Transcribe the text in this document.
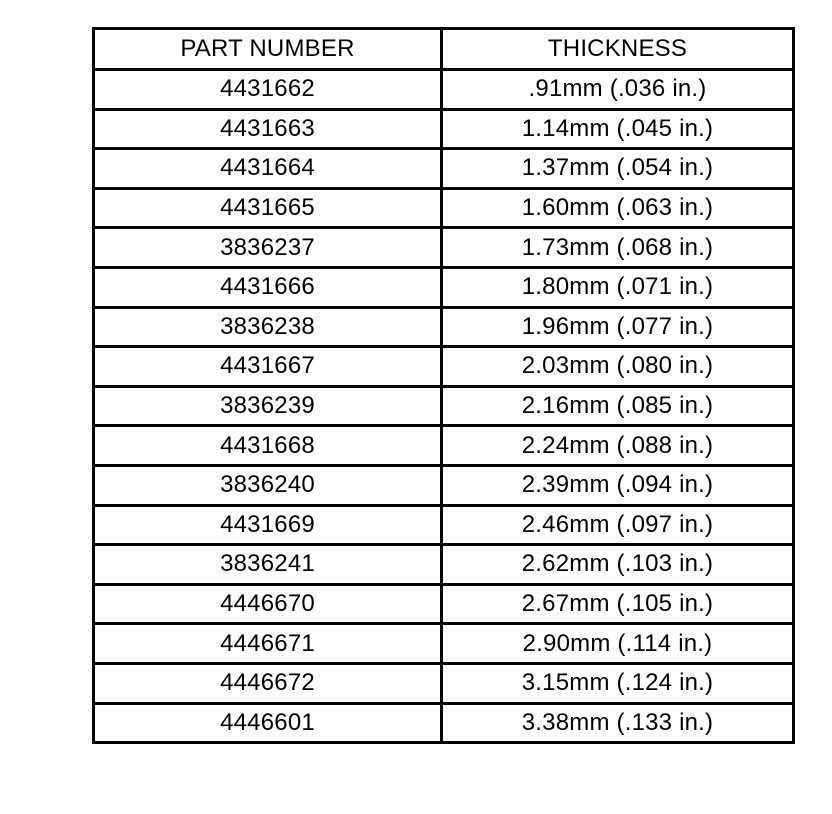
PART NUMBER	THICKNESS
4431662	.91mm (.036 in.)
4431663	1.14mm (.045 in.)
4431664	1.37mm (.054 in.)
4431665	1.60mm (.063 in.)
3836237	1.73mm (.068 in.)
4431666	1.80mm (.071 in.)
3836238	1.96mm (.077 in.)
4431667	2.03mm (.080 in.)
3836239	2.16mm (.085 in.)
4431668	2.24mm (.088 in.)
3836240	2.39mm (.094 in.)
4431669	2.46mm (.097 in.)
3836241	2.62mm (.103 in.)
4446670	2.67mm (.105 in.)
4446671	2.90mm (.114 in.)
4446672	3.15mm (.124 in.)
4446601	3.38mm (.133 in.)
